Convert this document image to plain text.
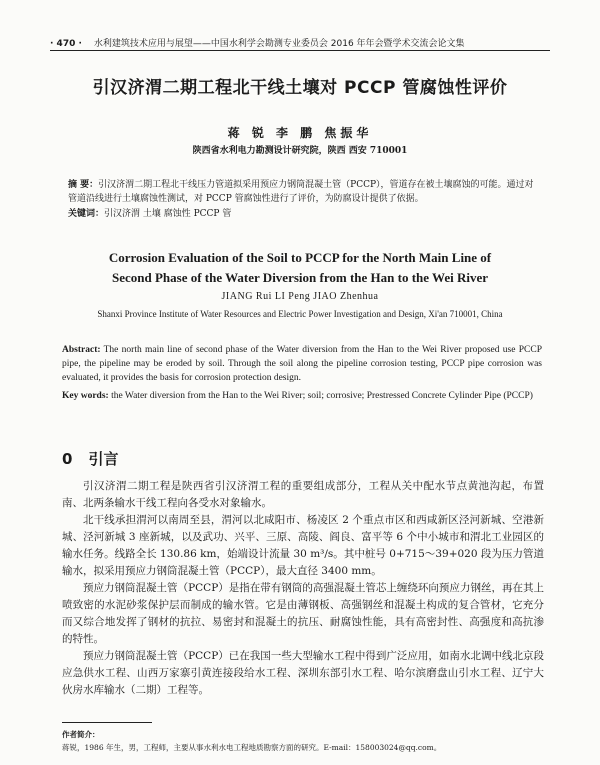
· 470 · 水利建筑技术应用与展望——中国水利学会勘测专业委员会 2016 年年会暨学术交流会论文集
引汉济渭二期工程北干线土壤对 PCCP 管腐蚀性评价
蒋 锐 李 鹏 焦振华
陕西省水利电力勘测设计研究院，陕西 西安 710001
摘 要：引汉济渭二期工程北干线压力管道拟采用预应力钢筒混凝土管（PCCP），管道存在被土壤腐蚀的可能。通过对管道沿线进行土壤腐蚀性测试，对 PCCP 管腐蚀性进行了评价，为防腐设计提供了依据。
关键词：引汉济渭 土壤 腐蚀性 PCCP 管
Corrosion Evaluation of the Soil to PCCP for the North Main Line of
Second Phase of the Water Diversion from the Han to the Wei River
JIANG Rui LI Peng JIAO Zhenhua
Shanxi Province Institute of Water Resources and Electric Power Investigation and Design, Xi'an 710001, China
Abstract: The north main line of second phase of the Water diversion from the Han to the Wei River proposed use PCCP pipe, the pipeline may be eroded by soil. Through the soil along the pipeline corrosion testing, PCCP pipe corrosion was evaluated, it provides the basis for corrosion protection design.
Key words: the Water diversion from the Han to the Wei River; soil; corrosive; Prestressed Concrete Cylinder Pipe (PCCP)
0 引言

引汉济渭二期工程是陕西省引汉济渭工程的重要组成部分，工程从关中配水节点黄池沟起，布置南、北两条输水干线工程向各受水对象输水。

北干线承担渭河以南周至县，渭河以北咸阳市、杨凌区 2 个重点市区和西咸新区泾河新城、空港新城、泾河新城 3 座新城，以及武功、兴平、三原、高陵、阎良、富平等 6 个中小城市和渭北工业园区的输水任务。线路全长 130.86 km，始端设计流量 30 m³/s。其中桩号 0+715～39+020 段为压力管道输水，拟采用预应力钢筒混凝土管（PCCP），最大直径 3400 mm。

预应力钢筒混凝土管（PCCP）是指在带有钢筒的高强混凝土管芯上缠绕环向预应力钢丝，再在其上喷致密的水泥砂浆保护层而制成的输水管。它是由薄钢板、高强钢丝和混凝土构成的复合管材，它充分而又综合地发挥了钢材的抗拉、易密封和混凝土的抗压、耐腐蚀性能，具有高密封性、高强度和高抗渗的特性。

预应力钢筒混凝土管（PCCP）已在我国一些大型输水工程中得到广泛应用，如南水北调中线北京段应急供水工程、山西万家寨引黄连接段给水工程、深圳东部引水工程、哈尔滨磨盘山引水工程、辽宁大伙房水库输水（二期）工程等。

作者简介：
蒋锐，1986 年生，男，工程师，主要从事水利水电工程地质勘察方面的研究。E-mail：158003024@qq.com。
